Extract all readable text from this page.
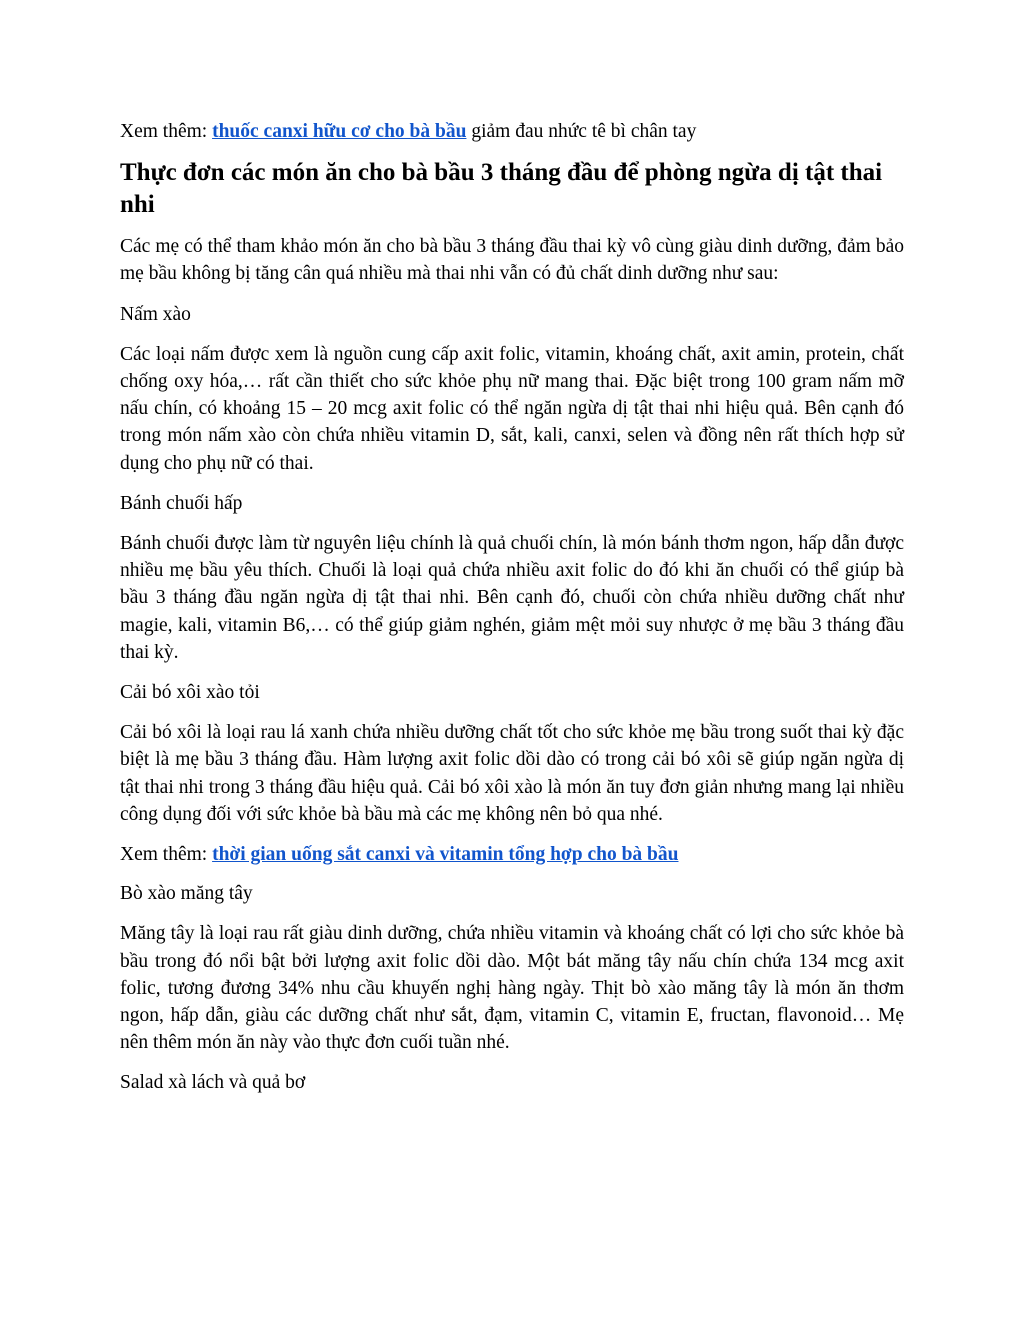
Xem thêm: thuốc canxi hữu cơ cho bà bầu giảm đau nhức tê bì chân tay

Thực đơn các món ăn cho bà bầu 3 tháng đầu để phòng ngừa dị tật thai nhi

Các mẹ có thể tham khảo món ăn cho bà bầu 3 tháng đầu thai kỳ vô cùng giàu dinh dưỡng, đảm bảo mẹ bầu không bị tăng cân quá nhiều mà thai nhi vẫn có đủ chất dinh dưỡng như sau:

Nấm xào

Các loại nấm được xem là nguồn cung cấp axit folic, vitamin, khoáng chất, axit amin, protein, chất chống oxy hóa,… rất cần thiết cho sức khỏe phụ nữ mang thai. Đặc biệt trong 100 gram nấm mỡ nấu chín, có khoảng 15 – 20 mcg axit folic có thể ngăn ngừa dị tật thai nhi hiệu quả. Bên cạnh đó trong món nấm xào còn chứa nhiều vitamin D, sắt, kali, canxi, selen và đồng nên rất thích hợp sử dụng cho phụ nữ có thai.

Bánh chuối hấp

Bánh chuối được làm từ nguyên liệu chính là quả chuối chín, là món bánh thơm ngon, hấp dẫn được nhiều mẹ bầu yêu thích. Chuối là loại quả chứa nhiều axit folic do đó khi ăn chuối có thể giúp bà bầu 3 tháng đầu ngăn ngừa dị tật thai nhi. Bên cạnh đó, chuối còn chứa nhiều dưỡng chất như magie, kali, vitamin B6,… có thể giúp giảm nghén, giảm mệt mỏi suy nhược ở mẹ bầu 3 tháng đầu thai kỳ.

Cải bó xôi xào tỏi

Cải bó xôi là loại rau lá xanh chứa nhiều dưỡng chất tốt cho sức khỏe mẹ bầu trong suốt thai kỳ đặc biệt là mẹ bầu 3 tháng đầu. Hàm lượng axit folic dồi dào có trong cải bó xôi sẽ giúp ngăn ngừa dị tật thai nhi trong 3 tháng đầu hiệu quả. Cải bó xôi xào là món ăn tuy đơn giản nhưng mang lại nhiều công dụng đối với sức khỏe bà bầu mà các mẹ không nên bỏ qua nhé.

Xem thêm: thời gian uống sắt canxi và vitamin tổng hợp cho bà bầu

Bò xào măng tây

Măng tây là loại rau rất giàu dinh dưỡng, chứa nhiều vitamin và khoáng chất có lợi cho sức khỏe bà bầu trong đó nổi bật bởi lượng axit folic dồi dào. Một bát măng tây nấu chín chứa 134 mcg axit folic, tương đương 34% nhu cầu khuyến nghị hàng ngày. Thịt bò xào măng tây là món ăn thơm ngon, hấp dẫn, giàu các dưỡng chất như sắt, đạm, vitamin C, vitamin E, fructan, flavonoid… Mẹ nên thêm món ăn này vào thực đơn cuối tuần nhé.

Salad xà lách và quả bơ
